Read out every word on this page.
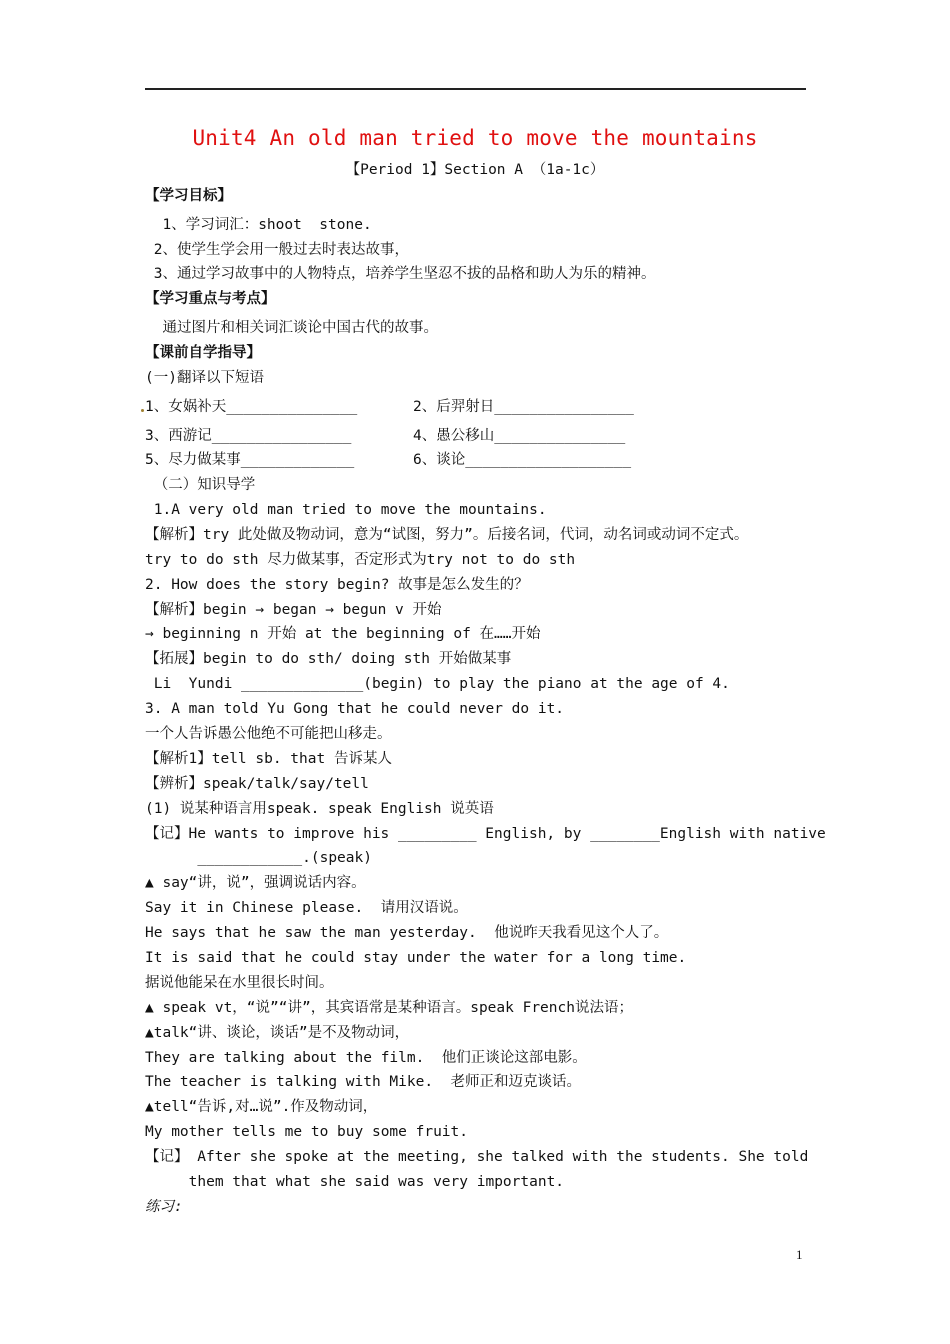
Unit4 An old man tried to move the mountains
【Period 1】Section A （1a-1c）
【学习目标】
1、学习词汇：shoot  stone.
2、使学生学会用一般过去时表达故事，
3、通过学习故事中的人物特点，培养学生坚忍不拔的品格和助人为乐的精神。
【学习重点与考点】
通过图片和相关词汇谈论中国古代的故事。
【课前自学指导】
(一)翻译以下短语
1、女娲补天_______________	2、后羿射日________________
3、西游记________________	4、愚公移山_______________
5、尽力做某事_____________	6、谈论___________________
（二）知识导学
1.A very old man tried to move the mountains.
【解析】try 此处做及物动词，意为“试图，努力”。后接名词，代词，动名词或动词不定式。
try to do sth 尽力做某事，否定形式为try not to do sth
2. How does the story begin? 故事是怎么发生的？
【解析】begin → began → begun v 开始
→ beginning n 开始 at the beginning of 在……开始
【拓展】begin to do sth/ doing sth 开始做某事
Li  Yundi ______________(begin) to play the piano at the age of 4.
3. A man told Yu Gong that he could never do it.
一个人告诉愚公他绝不可能把山移走。
【解析1】tell sb. that 告诉某人
【辨析】speak/talk/say/tell
(1) 说某种语言用speak. speak English 说英语
【记】He wants to improve his _________ English, by ________English with native
____________.(speak)
▲ say“讲，说”，强调说话内容。
Say it in Chinese please.  请用汉语说。
He says that he saw the man yesterday.  他说昨天我看见这个人了。
It is said that he could stay under the water for a long time.
据说他能呆在水里很长时间。
▲ speak vt，“说”“讲”，其宾语常是某种语言。speak French说法语；
▲talk“讲、谈论，谈话”是不及物动词，
They are talking about the film.  他们正谈论这部电影。
The teacher is talking with Mike.  老师正和迈克谈话。
▲tell“告诉,对…说”.作及物动词，
My mother tells me to buy some fruit.
【记】 After she spoke at the meeting, she talked with the students. She told
them that what she said was very important.
练习:
1
